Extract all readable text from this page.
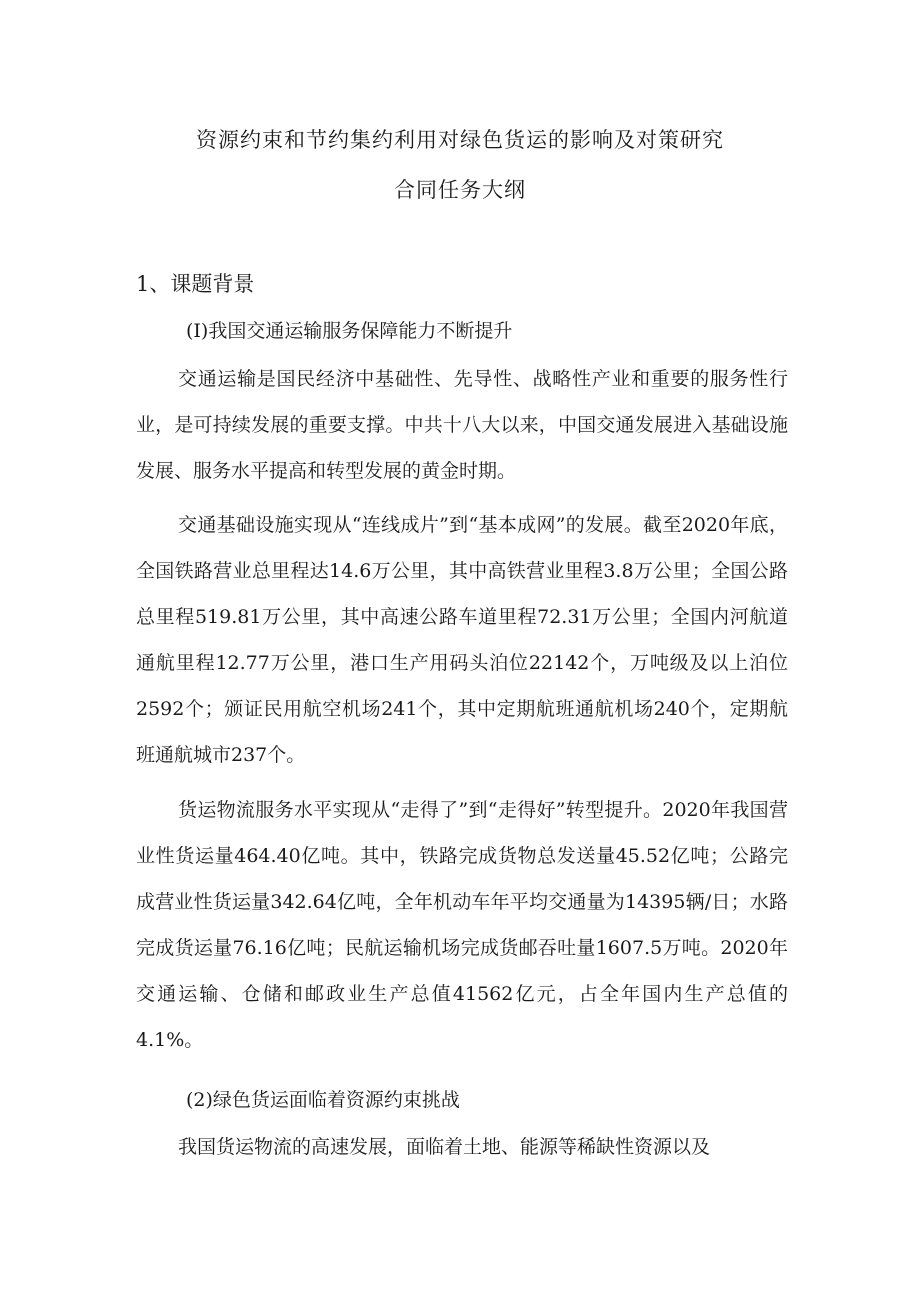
资源约束和节约集约利用对绿色货运的影响及对策研究
合同任务大纲
1、课题背景
(I)我国交通运输服务保障能力不断提升

交通运输是国民经济中基础性、先导性、战略性产业和重要的服务性行业，是可持续发展的重要支撑。中共十八大以来，中国交通发展进入基础设施发展、服务水平提高和转型发展的黄金时期。

交通基础设施实现从“连线成片”到“基本成网”的发展。截至2020年底，全国铁路营业总里程达14.6万公里，其中高铁营业里程3.8万公里；全国公路总里程519.81万公里，其中高速公路车道里程72.31万公里；全国内河航道通航里程12.77万公里，港口生产用码头泊位22142个，万吨级及以上泊位2592个；颁证民用航空机场241个，其中定期航班通航机场240个，定期航班通航城市237个。

货运物流服务水平实现从“走得了”到“走得好”转型提升。2020年我国营业性货运量464.40亿吨。其中，铁路完成货物总发送量45.52亿吨；公路完成营业性货运量342.64亿吨，全年机动车年平均交通量为14395辆/日；水路完成货运量76.16亿吨；民航运输机场完成货邮吞吐量1607.5万吨。2020年交通运输、仓储和邮政业生产总值41562亿元，占全年国内生产总值的4.1%。

(2)绿色货运面临着资源约束挑战

我国货运物流的高速发展，面临着土地、能源等稀缺性资源以及
